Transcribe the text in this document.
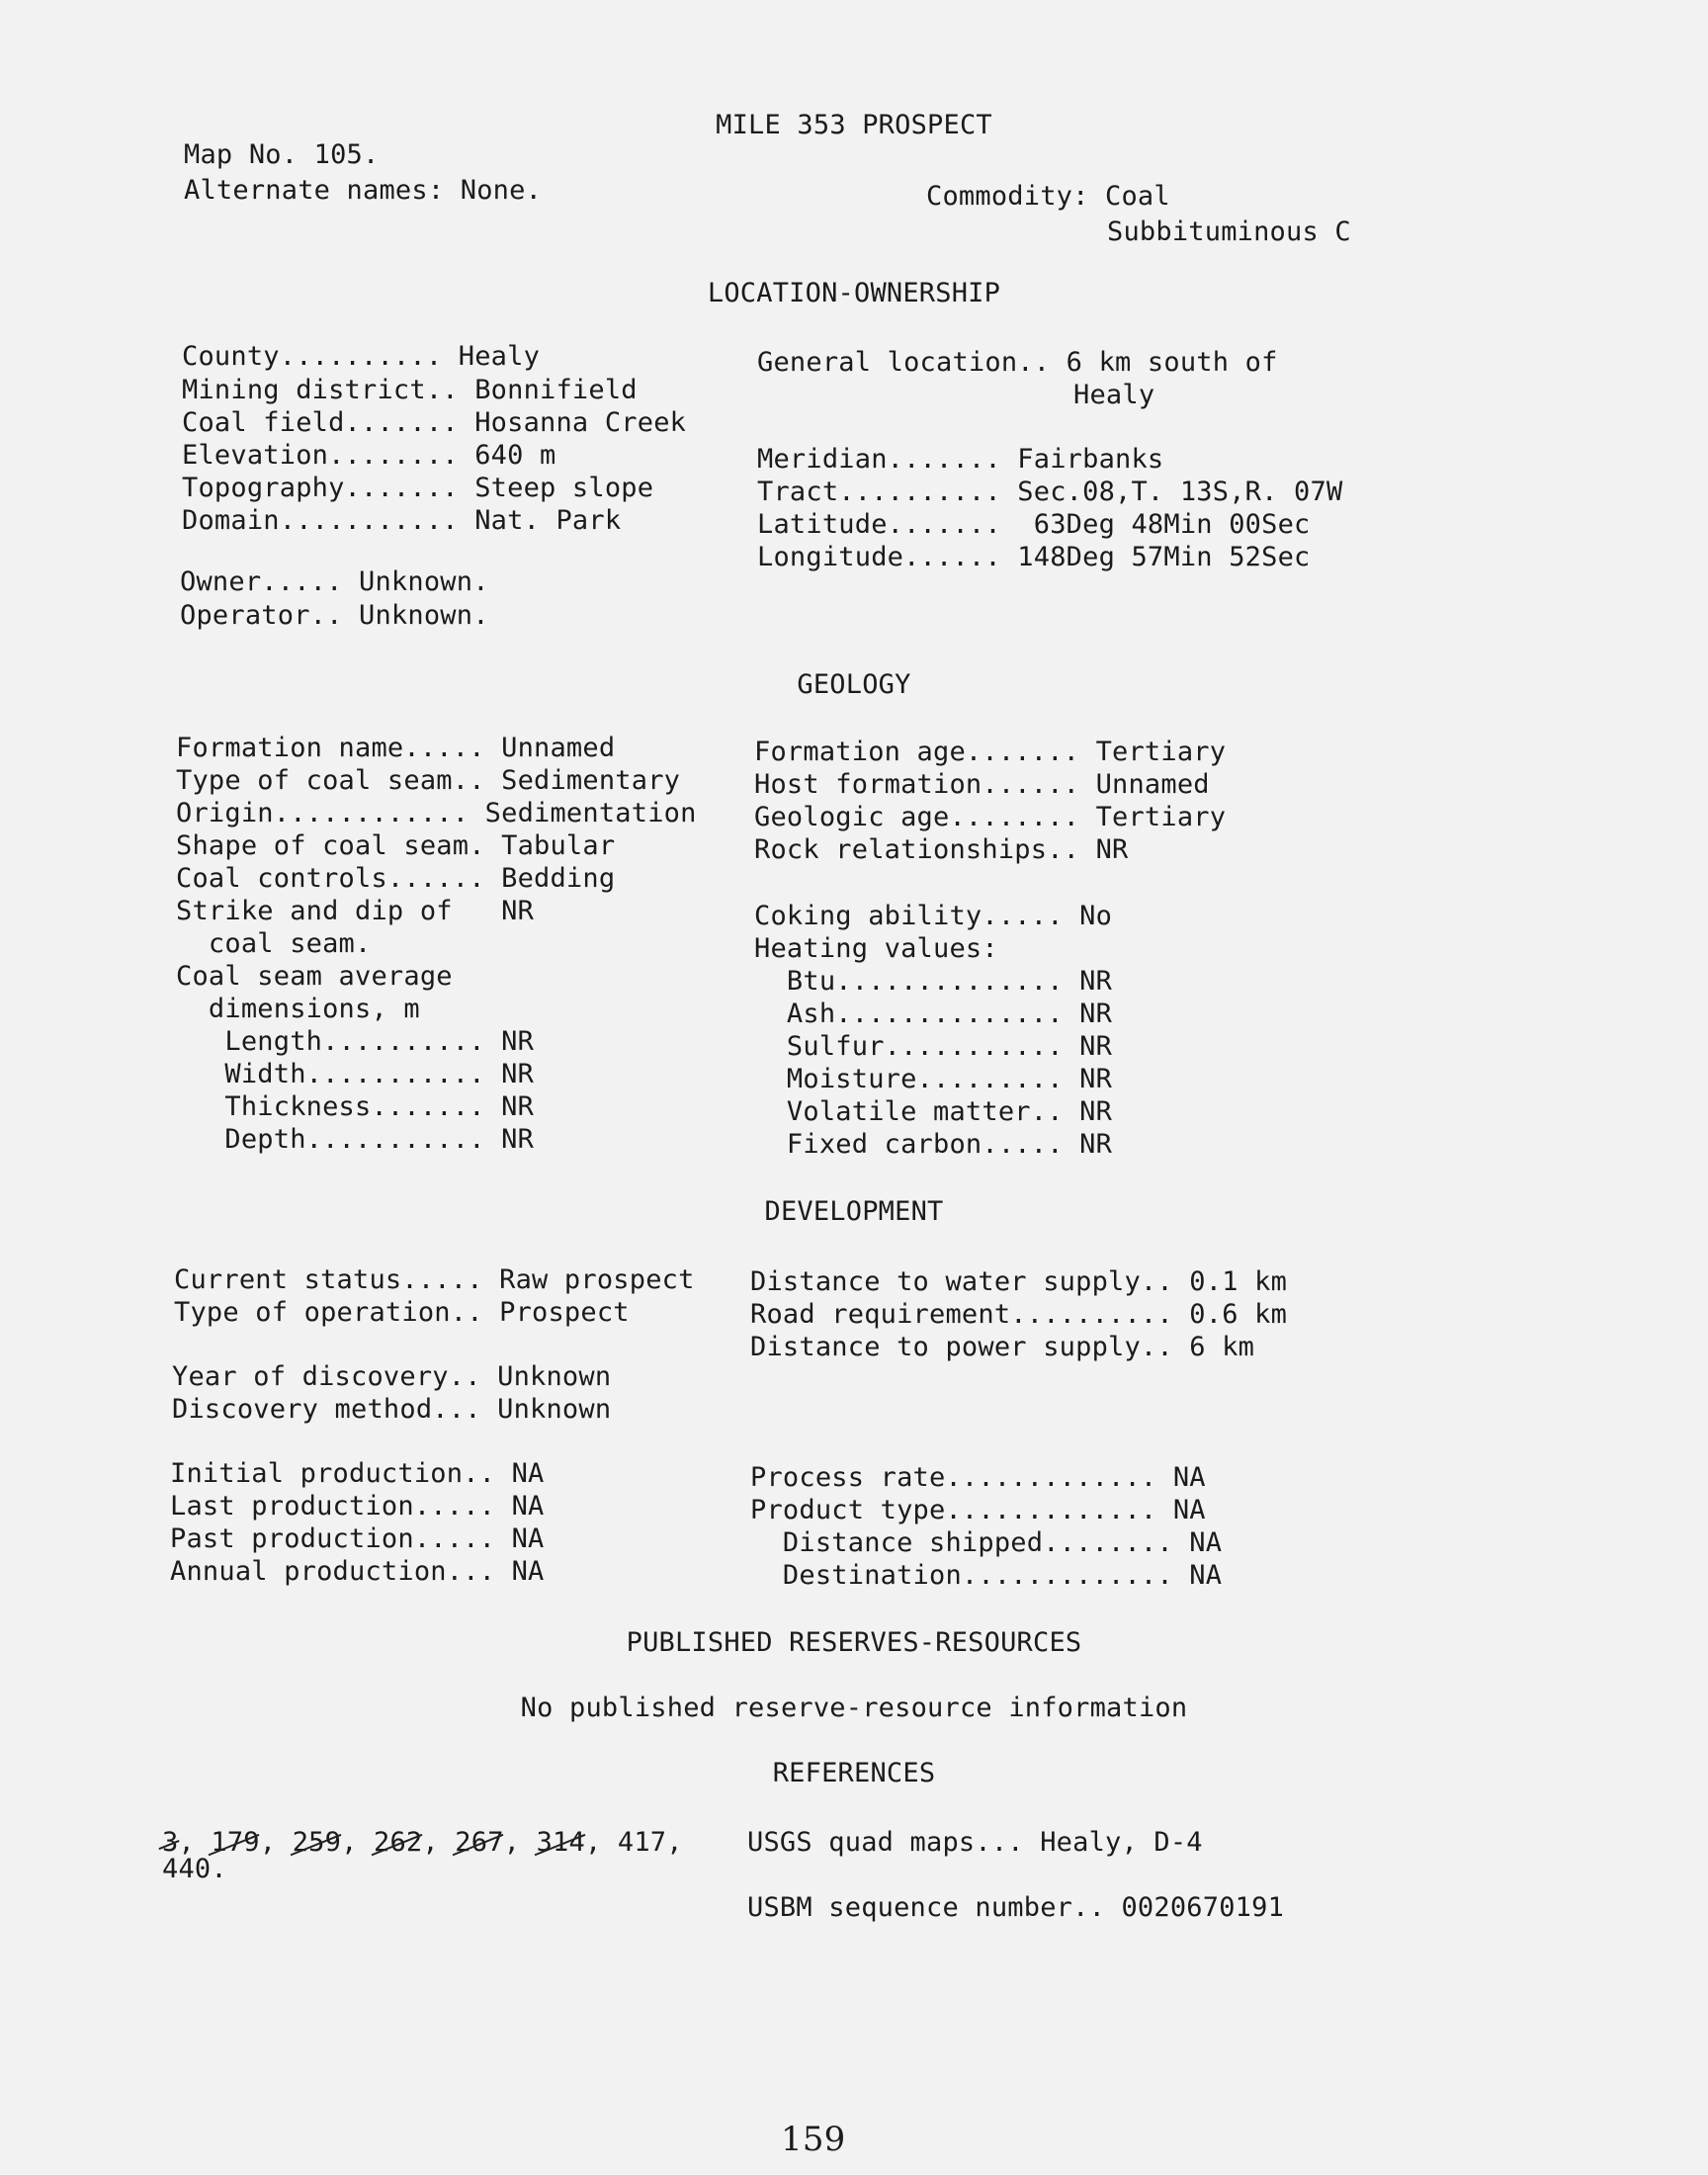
MILE 353 PROSPECT
Map No. 105.
Alternate names: None.	Commodity: Coal
Subbituminous C
LOCATION-OWNERSHIP
County.......... Healy
Mining district.. Bonnifield
Coal field....... Hosanna Creek
Elevation........ 640 m
Topography....... Steep slope
Domain........... Nat. Park
General location.. 6 km south of
Healy
Meridian....... Fairbanks
Tract.......... Sec.08,T. 13S,R. 07W
Latitude.......  63Deg 48Min 00Sec
Longitude...... 148Deg 57Min 52Sec
Owner..... Unknown.
Operator.. Unknown.
GEOLOGY
Formation name..... Unnamed
Type of coal seam.. Sedimentary
Origin............ Sedimentation
Shape of coal seam. Tabular
Coal controls...... Bedding
Strike and dip of   NR
coal seam.
Coal seam average
dimensions, m
Length.......... NR
Width........... NR
Thickness....... NR
Depth........... NR
Formation age....... Tertiary
Host formation...... Unnamed
Geologic age........ Tertiary
Rock relationships.. NR
Coking ability..... No
Heating values:
Btu.............. NR
Ash.............. NR
Sulfur........... NR
Moisture......... NR
Volatile matter.. NR
Fixed carbon..... NR
DEVELOPMENT
Current status..... Raw prospect
Type of operation.. Prospect
Year of discovery.. Unknown
Discovery method... Unknown
Initial production.. NA
Last production..... NA
Past production..... NA
Annual production... NA
Distance to water supply.. 0.1 km
Road requirement.......... 0.6 km
Distance to power supply.. 6 km
Process rate............. NA
Product type............. NA
Distance shipped........ NA
Destination............. NA
PUBLISHED RESERVES-RESOURCES
No published reserve-resource information
REFERENCES
3, 179, 259, 262, 267, 314, 417,
440.
USGS quad maps... Healy, D-4
USBM sequence number.. 0020670191
159
